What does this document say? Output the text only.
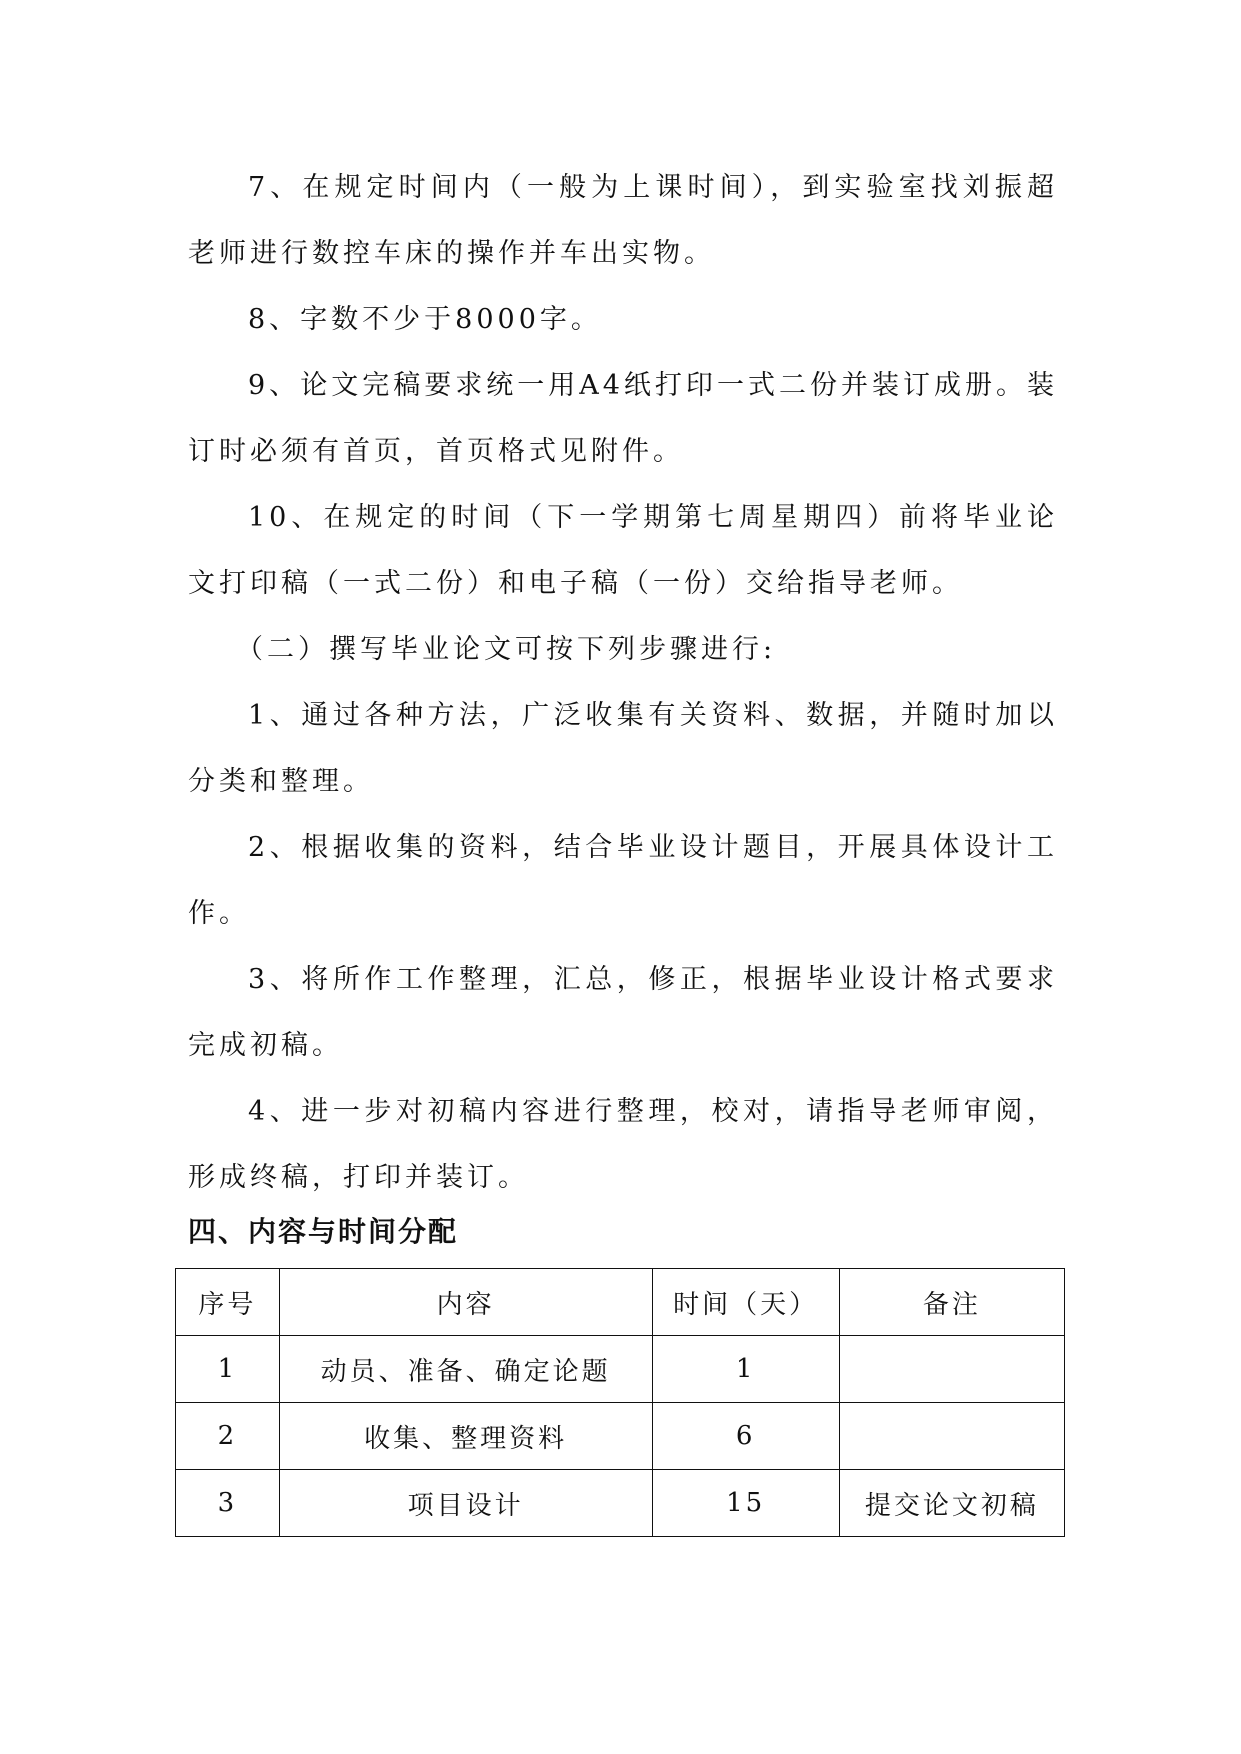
7、在规定时间内（一般为上课时间），到实验室找刘振超老师进行数控车床的操作并车出实物。

8、字数不少于8000字。

9、论文完稿要求统一用A4纸打印一式二份并装订成册。装订时必须有首页，首页格式见附件。

10、在规定的时间（下一学期第七周星期四）前将毕业论文打印稿（一式二份）和电子稿（一份）交给指导老师。

（二）撰写毕业论文可按下列步骤进行:

1、通过各种方法，广泛收集有关资料、数据，并随时加以分类和整理。

2、根据收集的资料，结合毕业设计题目，开展具体设计工作。

3、将所作工作整理，汇总，修正，根据毕业设计格式要求完成初稿。

4、进一步对初稿内容进行整理，校对，请指导老师审阅，形成终稿，打印并装订。

四、内容与时间分配
序号	内容	时间（天）	备注
1	动员、准备、确定论题	1	
2	收集、整理资料	6	
3	项目设计	15	提交论文初稿
